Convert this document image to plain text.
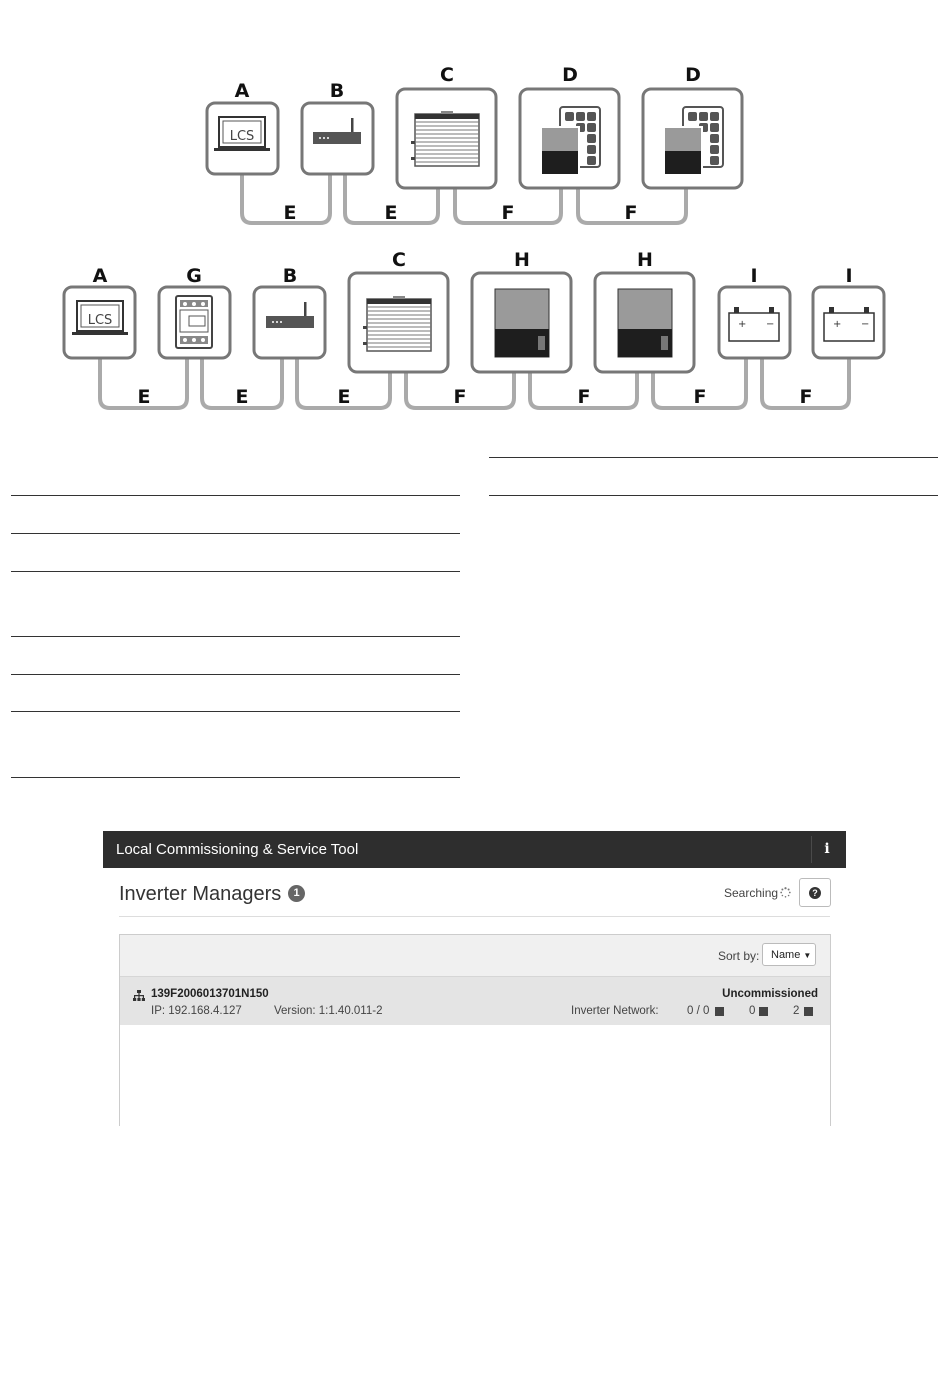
LCS
A	B
C	D	D
E	E	F	F
LCS	+ −	+ −
A	G	B
C	H	H
I	I
E	E	E	F	F	F	F
Local Commissioning & Service Tool	i
Inverter Managers	1	Searching	?
Sort by:	Name ▼
139F2006013701N150
IP: 192.168.4.127	Version: 1:1.40.011-2
Uncommissioned
Inverter Network: 0 / 0	0	2
